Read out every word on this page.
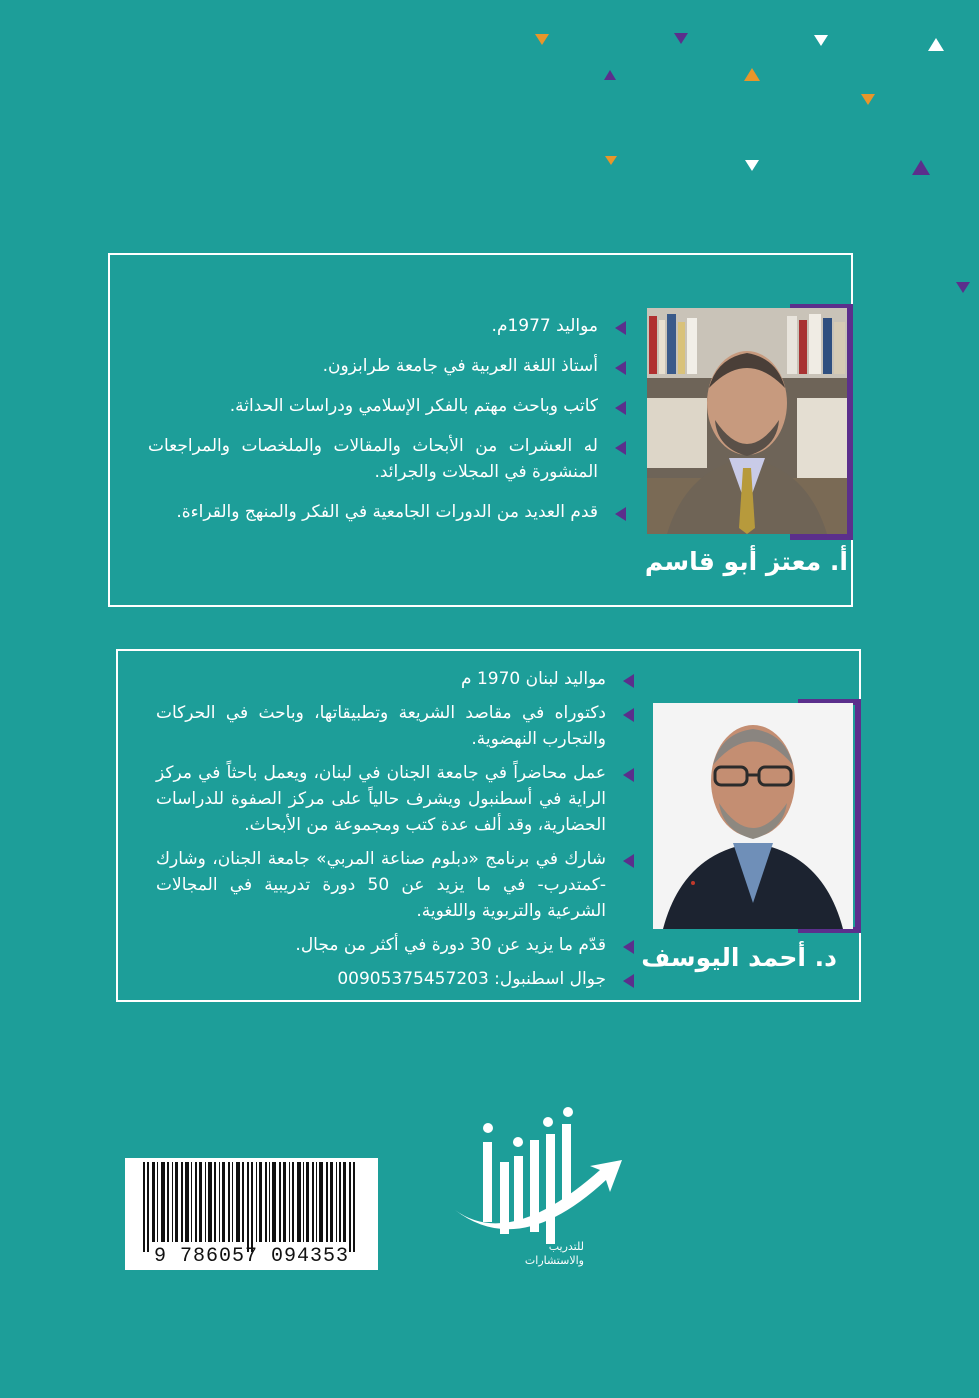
مواليد 1977م.
أستاذ اللغة العربية في جامعة طرابزون.
كاتب وباحث مهتم بالفكر الإسلامي ودراسات الحداثة.
له العشرات من الأبحاث والمقالات والملخصات والمراجعات المنشورة في المجلات والجرائد.
قدم العديد من الدورات الجامعية في الفكر والمنهج والقراءة.
أ. معتز أبو قاسم
مواليد لبنان 1970 م
دكتوراه في مقاصد الشريعة وتطبيقاتها، وباحث في الحركات والتجارب النهضوية.
عمل محاضراً في جامعة الجنان في لبنان، ويعمل باحثاً في مركز الراية في أسطنبول ويشرف حالياً على مركز الصفوة للدراسات الحضارية، وقد ألف عدة كتب ومجموعة من الأبحاث.
شارك في برنامج «دبلوم صناعة المربي» جامعة الجنان، وشارك -كمتدرب- في ما يزيد عن 50 دورة تدريبية في المجالات الشرعية والتربوية واللغوية.
قدّم ما يزيد عن 30 دورة في أكثر من مجال.
جوال اسطنبول: 00905375457203
د. أحمد اليوسف
9 786057 094353	للتدريب
والاستشارات
